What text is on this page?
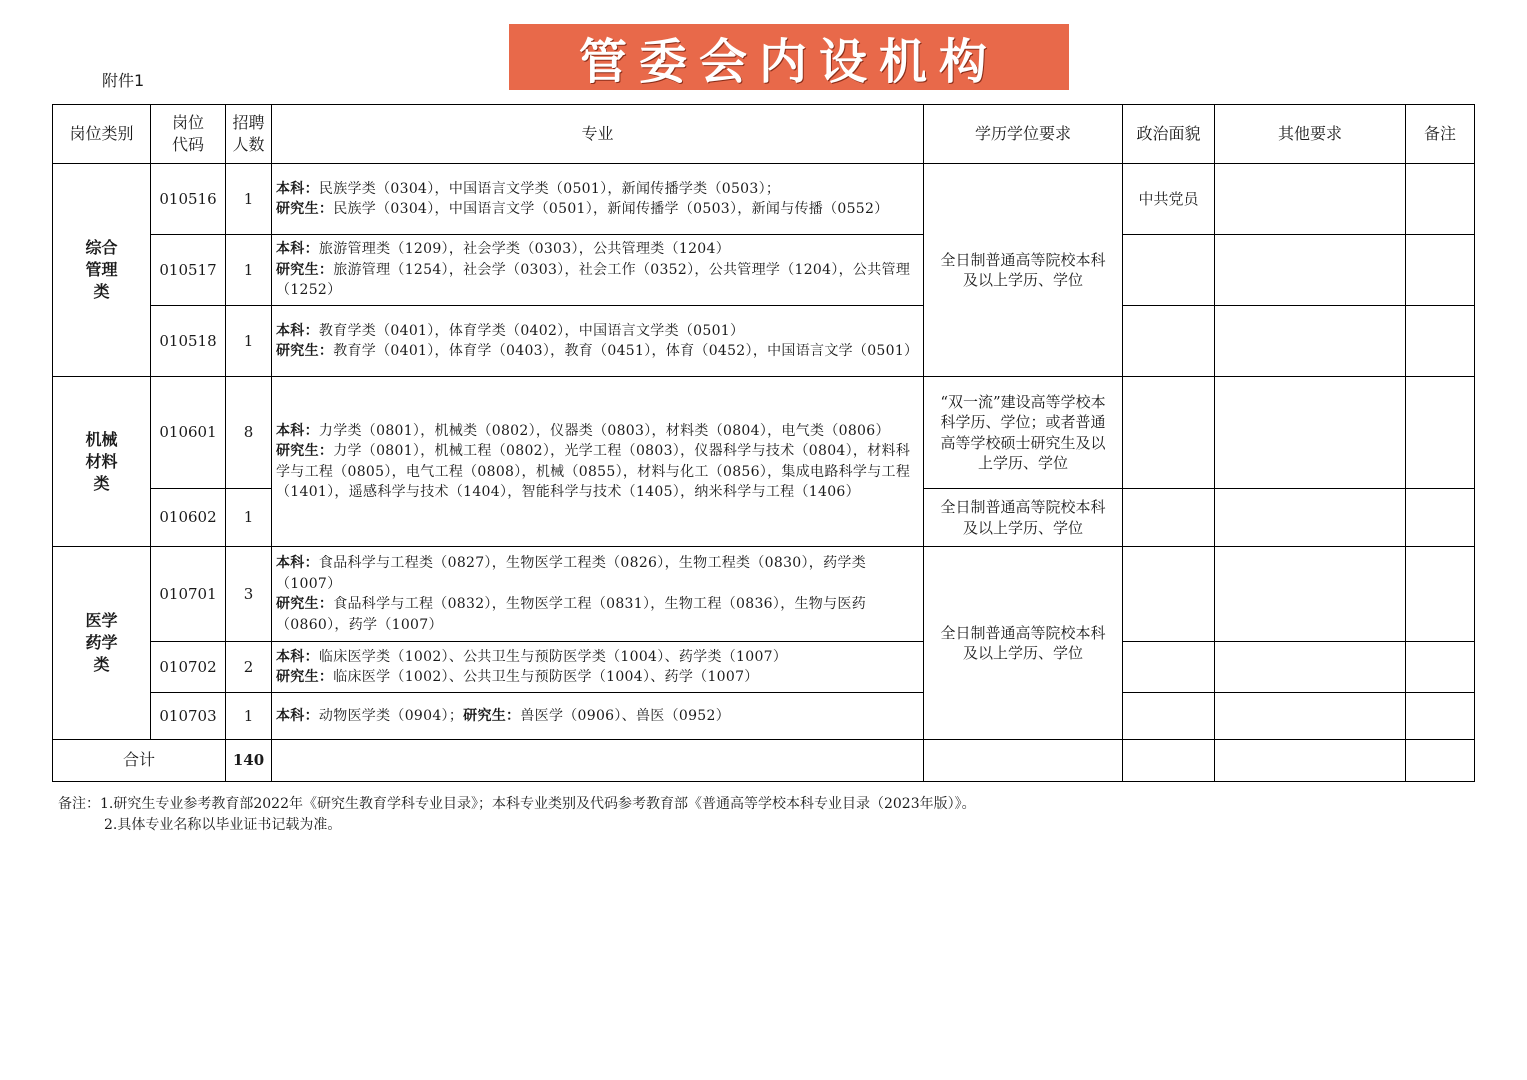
附件1	管委会内设机构
岗位类别	岗位代码	招聘人数	专业	学历学位要求	政治面貌	其他要求	备注
综合管理类	010516	1	本科：民族学类（0304），中国语言文学类（0501），新闻传播学类（0503）；
研究生：民族学（0304），中国语言文学（0501），新闻传播学（0503），新闻与传播（0552）	全日制普通高等院校本科及以上学历、学位	中共党员		
	010517	1	本科：旅游管理类（1209），社会学类（0303），公共管理类（1204）
研究生：旅游管理（1254），社会学（0303），社会工作（0352），公共管理学（1204），公共管理（1252）				
	010518	1	本科：教育学类（0401），体育学类（0402），中国语言文学类（0501）
研究生：教育学（0401），体育学（0403），教育（0451），体育（0452），中国语言文学（0501）				
机械材料类	010601	8	本科：力学类（0801），机械类（0802），仪器类（0803），材料类（0804），电气类（0806）
研究生：力学（0801），机械工程（0802），光学工程（0803），仪器科学与技术（0804），材料科学与工程（0805），电气工程（0808），机械（0855），材料与化工（0856），集成电路科学与工程（1401），遥感科学与技术（1404），智能科学与技术（1405），纳米科学与工程（1406）	“双一流”建设高等学校本科学历、学位；或者普通高等学校硕士研究生及以上学历、学位			
	010602	1		全日制普通高等院校本科及以上学历、学位			
医学药学类	010701	3	本科：食品科学与工程类（0827），生物医学工程类（0826），生物工程类（0830），药学类（1007）
研究生：食品科学与工程（0832），生物医学工程（0831），生物工程（0836），生物与医药（0860），药学（1007）	全日制普通高等院校本科及以上学历、学位			
	010702	2	本科：临床医学类（1002）、公共卫生与预防医学类（1004）、药学类（1007）
研究生：临床医学（1002）、公共卫生与预防医学（1004）、药学（1007）				
	010703	1	本科：动物医学类（0904）；研究生：兽医学（0906）、兽医（0952）				
合计		140					
备注：1.研究生专业参考教育部2022年《研究生教育学科专业目录》；本科专业类别及代码参考教育部《普通高等学校本科专业目录（2023年版）》。
2.具体专业名称以毕业证书记载为准。
